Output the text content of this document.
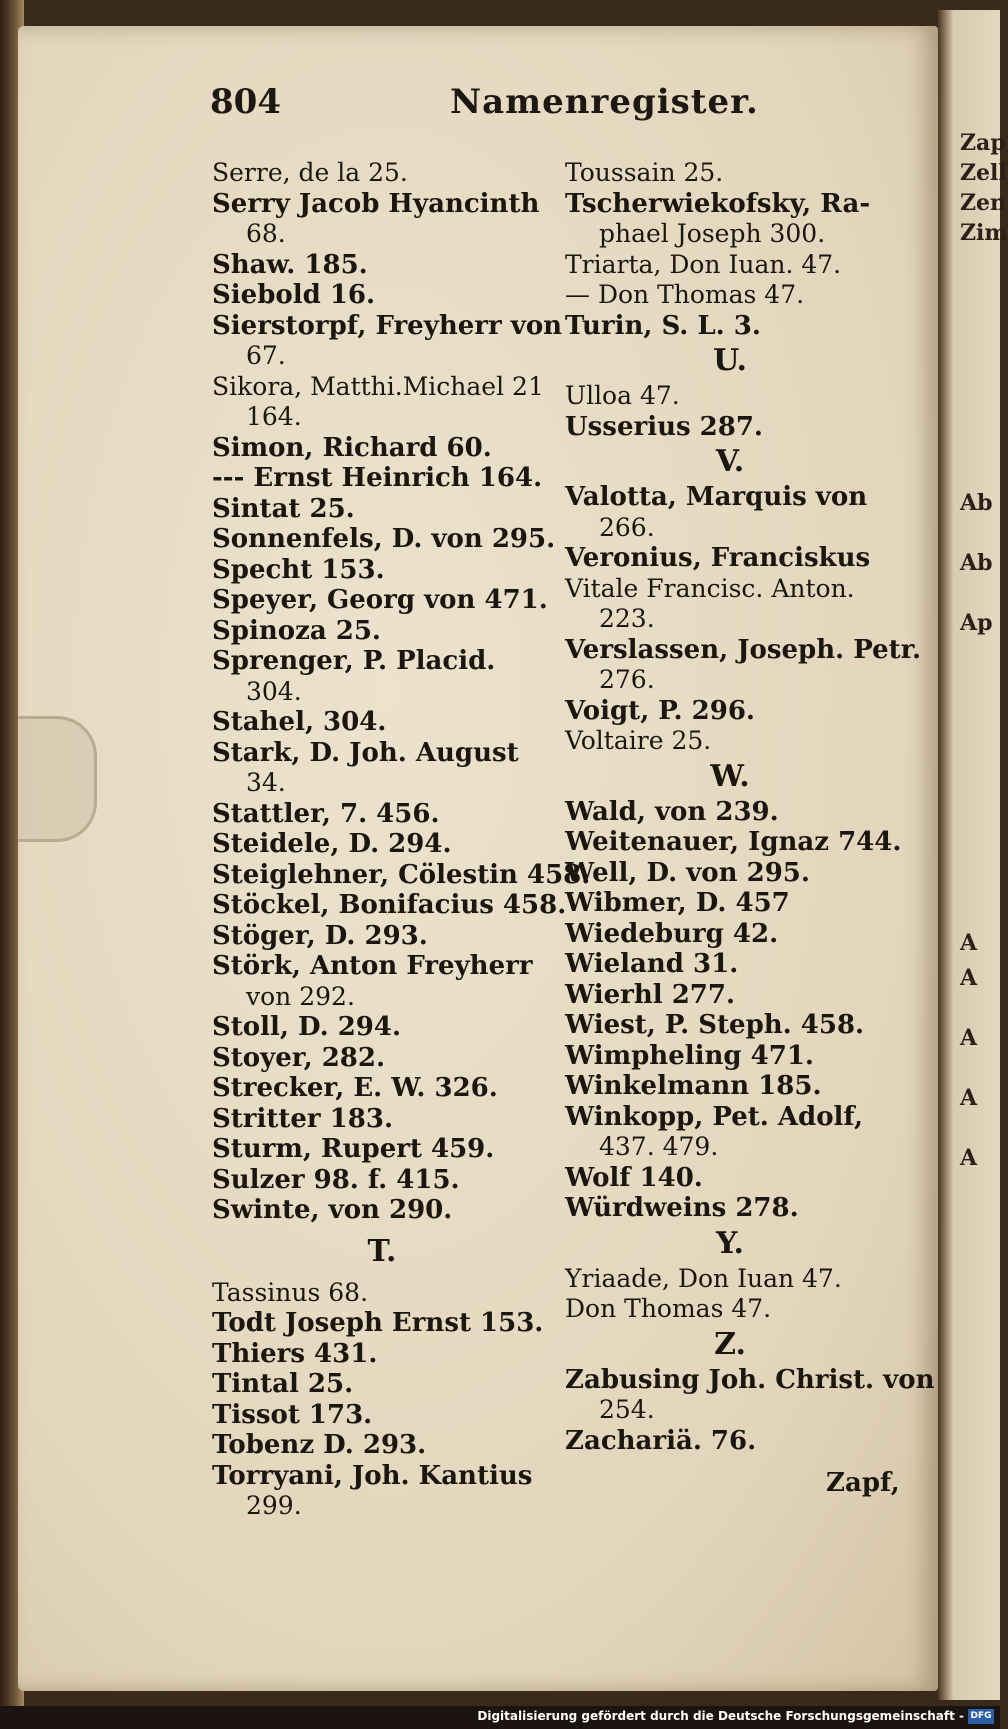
Zap
Zell
Zen
Zim
Ab
Ab
Ap
A
A
A
A
A
804	Namenregister.
Serre, de la 25.
Serry Jacob Hyancinth
68.
Shaw. 185.
Siebold 16.
Sierstorpf, Freyherr von
67.
Sikora, Matthi.Michael 21
164.
Simon, Richard 60.
--- Ernst Heinrich 164.
Sintat 25.
Sonnenfels, D. von 295.
Specht 153.
Speyer, Georg von 471.
Spinoza 25.
Sprenger, P. Placid.
304.
Stahel, 304.
Stark, D. Joh. August
34.
Stattler, 7. 456.
Steidele, D. 294.
Steiglehner, Cölestin 458.
Stöckel, Bonifacius 458.
Stöger, D. 293.
Störk, Anton Freyherr
von 292.
Stoll, D. 294.
Stoyer, 282.
Strecker, E. W. 326.
Stritter 183.
Sturm, Rupert 459.
Sulzer 98. f. 415.
Swinte, von 290.
T.
Tassinus 68.
Todt Joseph Ernst 153.
Thiers 431.
Tintal 25.
Tissot 173.
Tobenz D. 293.
Torryani, Joh. Kantius
299.
Toussain 25.
Tscherwiekofsky, Ra-
phael Joseph 300.
Triarta, Don Iuan. 47.
— Don Thomas 47.
Turin, S. L. 3.
U.
Ulloa 47.
Usserius 287.
V.
Valotta, Marquis von
266.
Veronius, Franciskus
Vitale Francisc. Anton.
223.
Verslassen, Joseph. Petr.
276.
Voigt, P. 296.
Voltaire 25.
W.
Wald, von 239.
Weitenauer, Ignaz 744.
Well, D. von 295.
Wibmer, D. 457
Wiedeburg 42.
Wieland 31.
Wierhl 277.
Wiest, P. Steph. 458.
Wimpheling 471.
Winkelmann 185.
Winkopp, Pet. Adolf,
437. 479.
Wolf 140.
Würdweins 278.
Y.
Yriaade, Don Iuan 47.
Don Thomas 47.
Z.
Zabusing Joh. Christ. von
254.
Zachariä. 76.
Zapf,
Digitalisierung gefördert durch die Deutsche Forschungsgemeinschaft - DFG
